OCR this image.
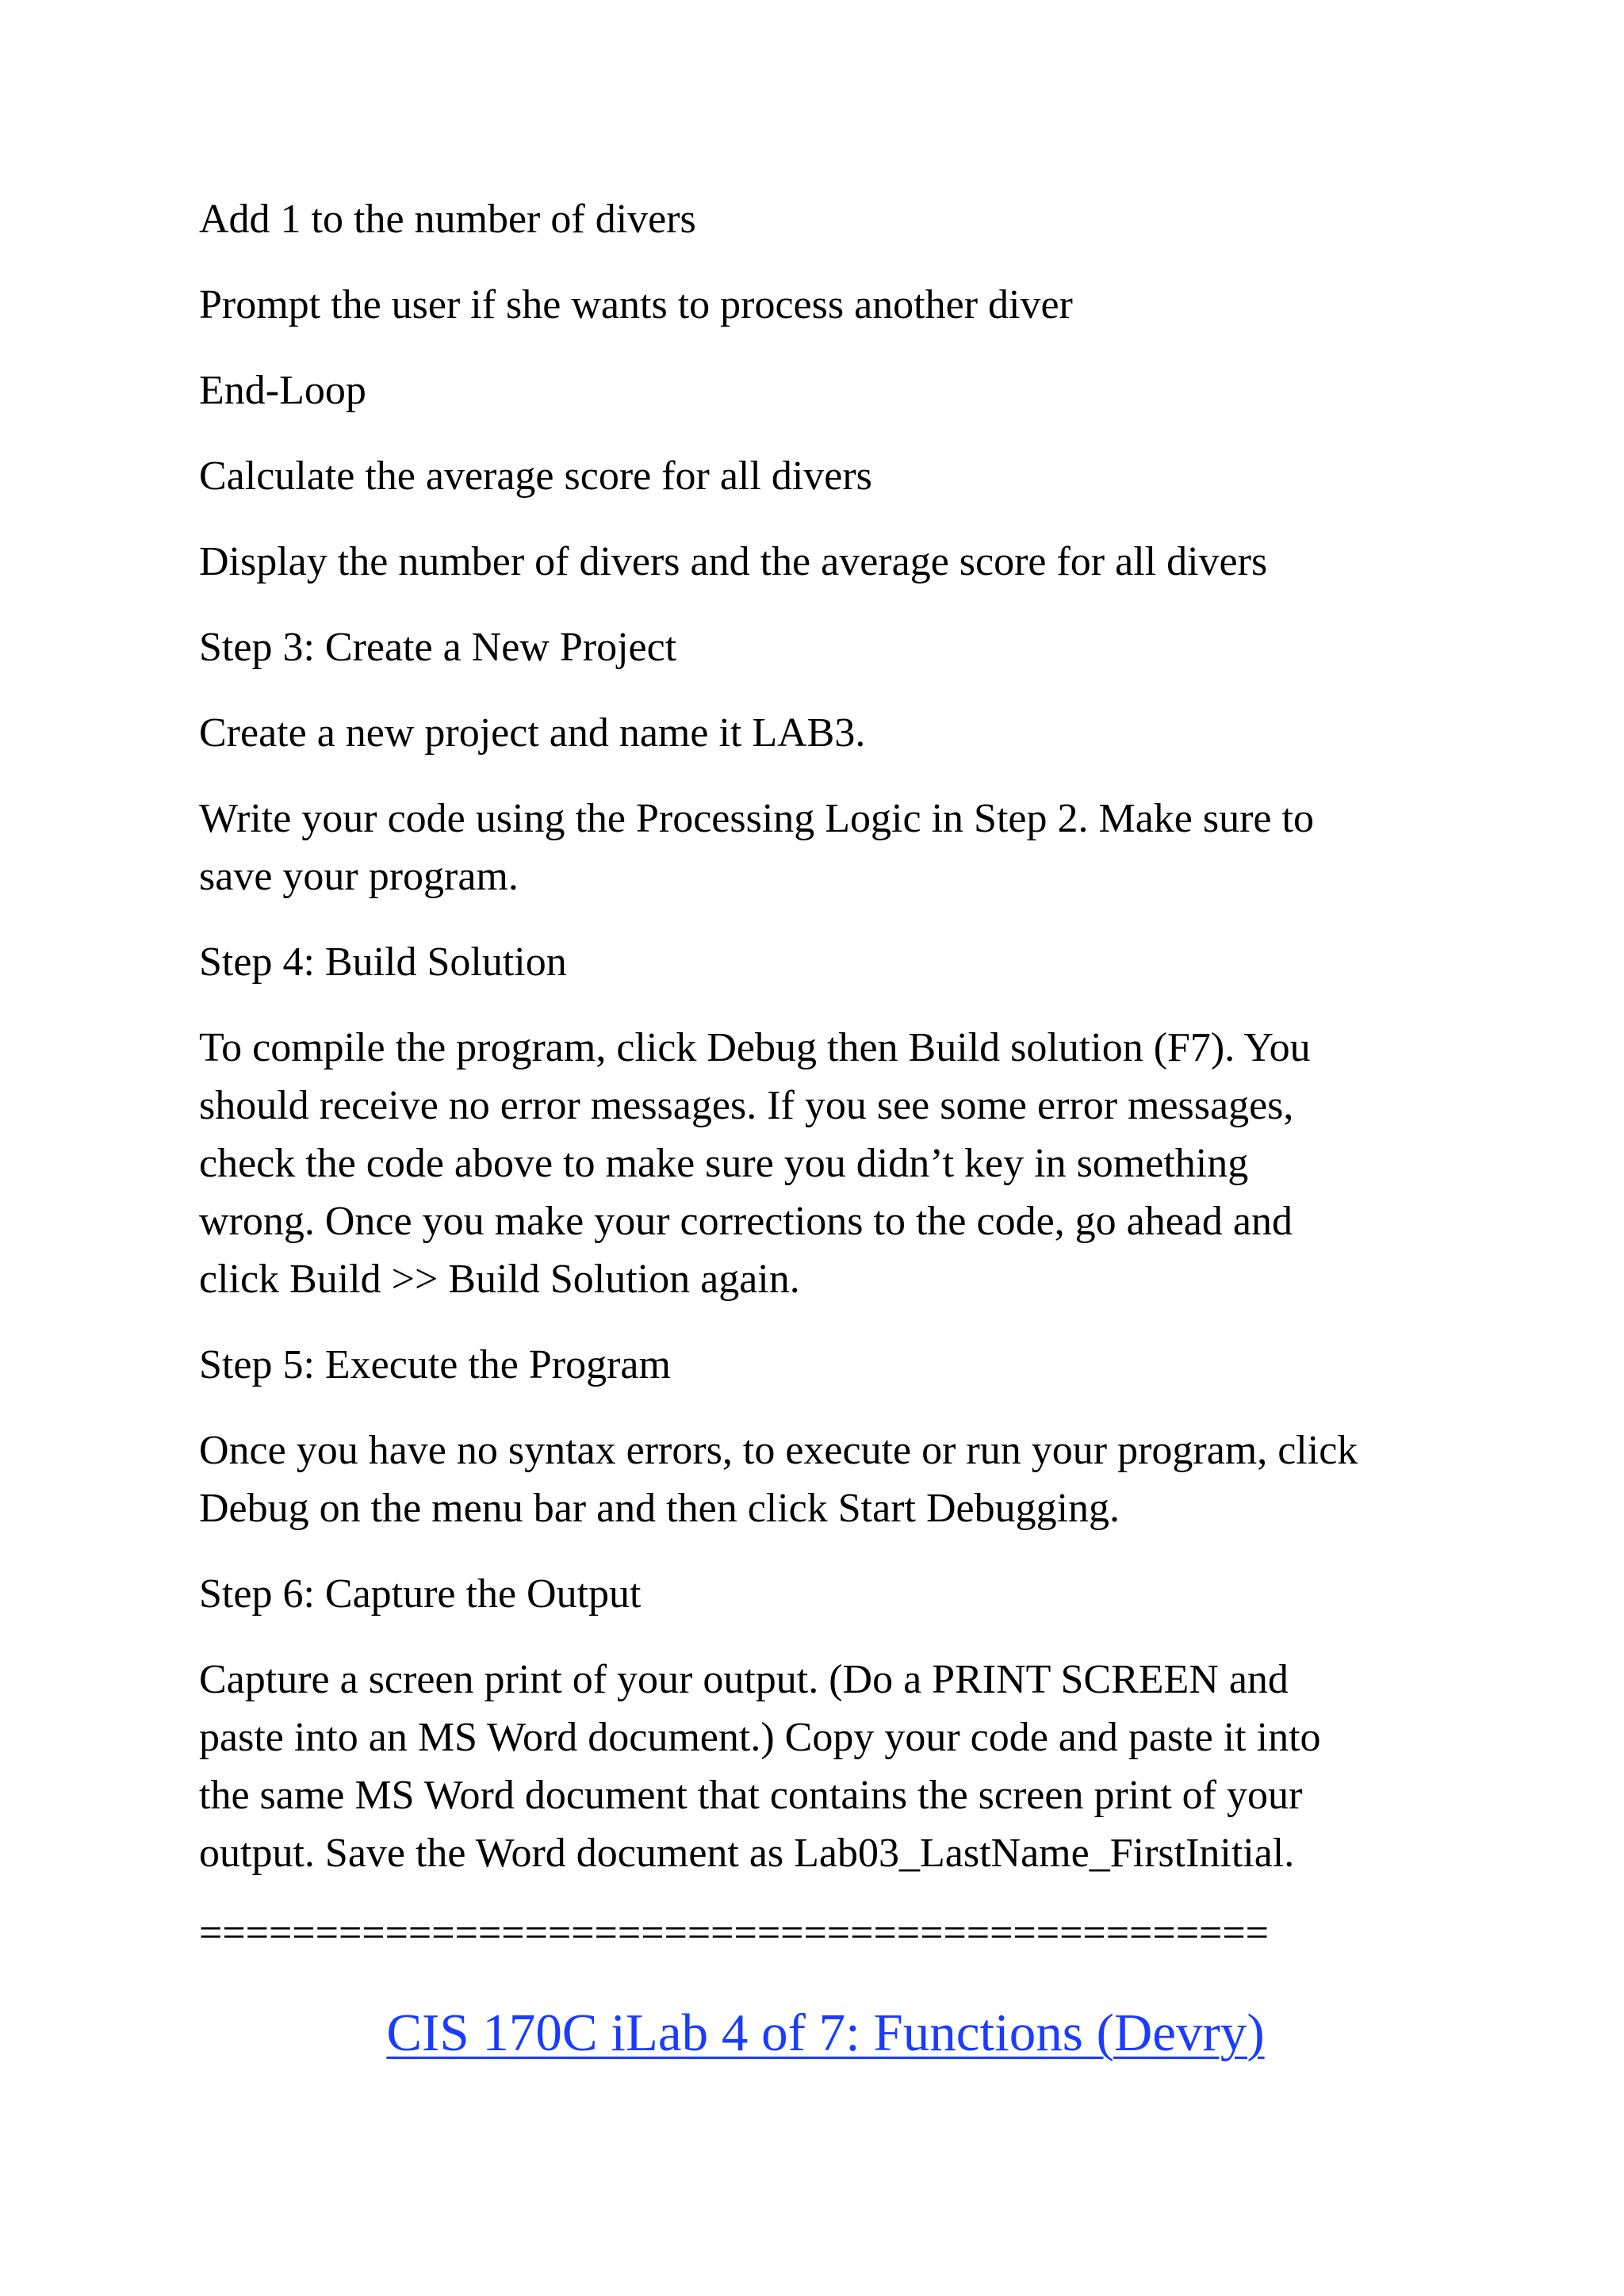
Add 1 to the number of divers
Prompt the user if she wants to process another diver
End-Loop
Calculate the average score for all divers
Display the number of divers and the average score for all divers
Step 3: Create a New Project
Create a new project and name it LAB3.
Write your code using the Processing Logic in Step 2. Make sure to
save your program.
Step 4: Build Solution
To compile the program, click Debug then Build solution (F7). You
should receive no error messages. If you see some error messages,
check the code above to make sure you didn’t key in something
wrong. Once you make your corrections to the code, go ahead and
click Build >> Build Solution again.
Step 5: Execute the Program
Once you have no syntax errors, to execute or run your program, click
Debug on the menu bar and then click Start Debugging.
Step 6: Capture the Output
Capture a screen print of your output. (Do a PRINT SCREEN and
paste into an MS Word document.) Copy your code and paste it into
the same MS Word document that contains the screen print of your
output. Save the Word document as Lab03_LastName_FirstInitial.
==============================================
CIS 170C iLab 4 of 7: Functions (Devry)
